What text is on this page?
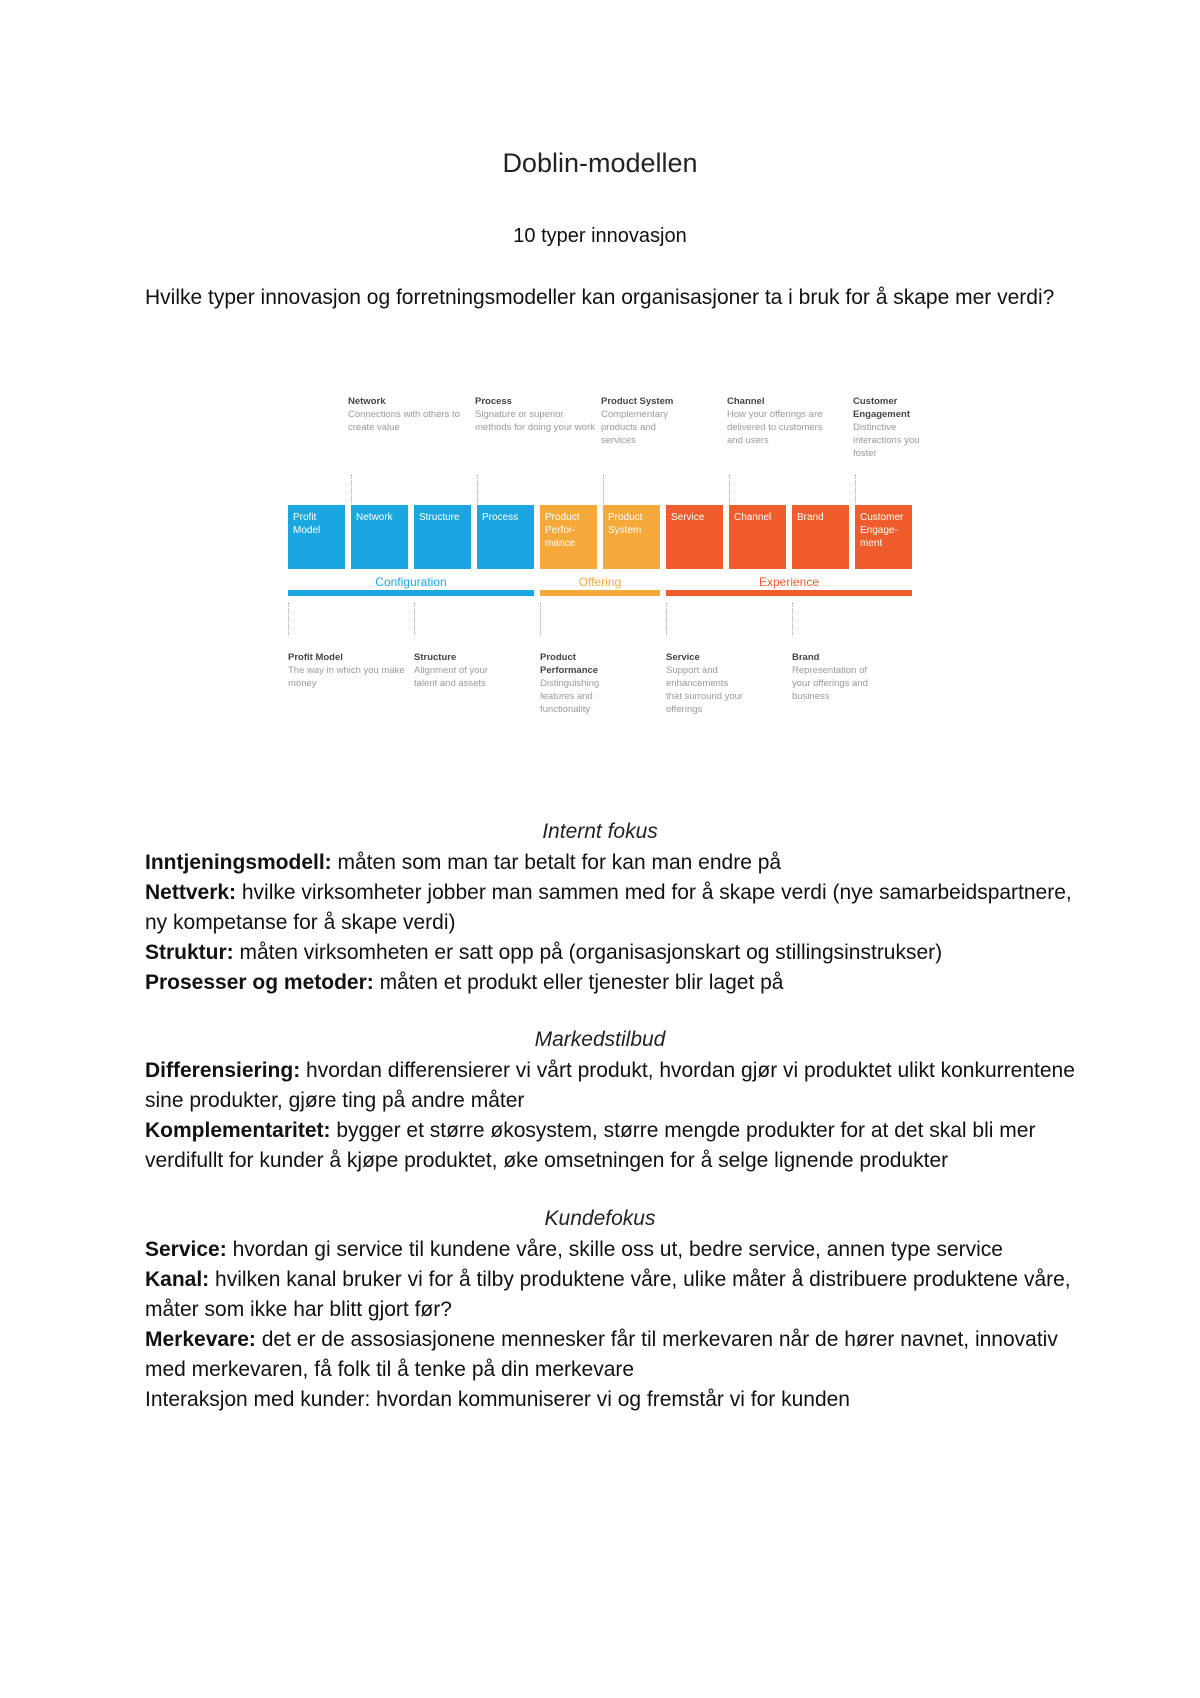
Doblin-modellen
10 typer innovasjon
Hvilke typer innovasjon og forretningsmodeller kan organisasjoner ta i bruk for å skape mer verdi?
Network
Connections with others to create value
Process
Signature or superior methods for doing your work
Product System
Complementary products and services
Channel
How your offerings are delivered to customers and users
Customer Engagement
Distinctive interactions you foster
Profit Model
Network	Structure	Process	Product Perfor-mance
Product System
Service	Channel	Brand	Customer Engage-ment
Configuration	Offering	Experience
Profit Model
The way in which you make money
Structure
Alignment of your talent and assets
Product Performance
Distinguishing features and functionality
Service
Support and enhancements that surround your offerings
Brand
Representation of your offerings and business
Internt fokus
Inntjeningsmodell: måten som man tar betalt for kan man endre på
Nettverk: hvilke virksomheter jobber man sammen med for å skape verdi (nye samarbeidspartnere, ny kompetanse for å skape verdi)
Struktur: måten virksomheten er satt opp på (organisasjonskart og stillingsinstrukser)
Prosesser og metoder: måten et produkt eller tjenester blir laget på
Markedstilbud
Differensiering: hvordan differensierer vi vårt produkt, hvordan gjør vi produktet ulikt konkurrentene sine produkter, gjøre ting på andre måter
Komplementaritet: bygger et større økosystem, større mengde produkter for at det skal bli mer verdifullt for kunder å kjøpe produktet, øke omsetningen for å selge lignende produkter
Kundefokus
Service: hvordan gi service til kundene våre, skille oss ut, bedre service, annen type service
Kanal: hvilken kanal bruker vi for å tilby produktene våre, ulike måter å distribuere produktene våre, måter som ikke har blitt gjort før?
Merkevare: det er de assosiasjonene mennesker får til merkevaren når de hører navnet, innovativ med merkevaren, få folk til å tenke på din merkevare
Interaksjon med kunder: hvordan kommuniserer vi og fremstår vi for kunden
